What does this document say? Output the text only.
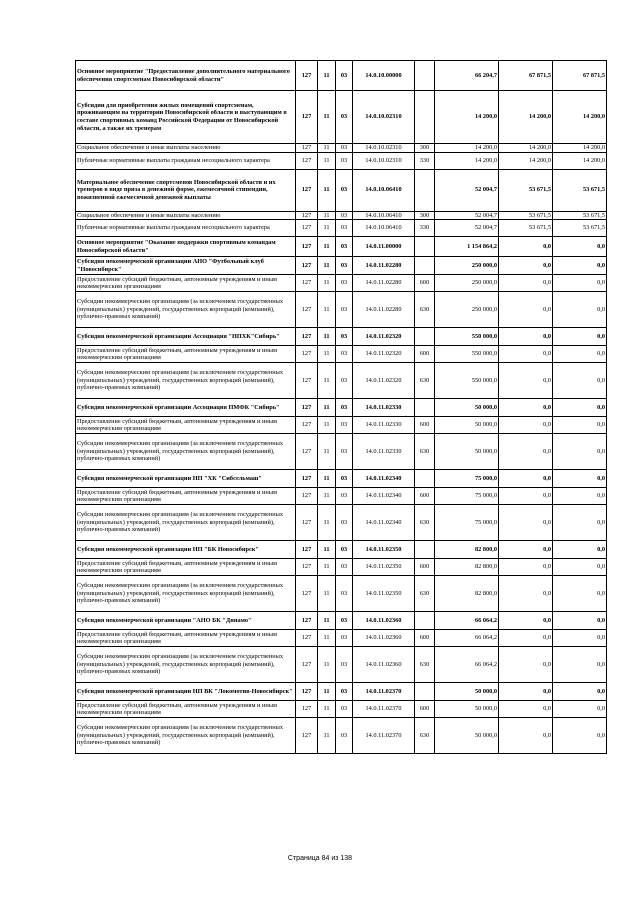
Основное мероприятие "Предоставление дополнительного материального обеспечения спортсменам Новосибирской области"	127	11	03	14.0.10.00000		66 204,7	67 871,5	67 871,5
Субсидии для приобретения жилых помещений спортсменам, проживающим на территории Новосибирской области и выступающим в составе спортивных команд Российской Федерации от Новосибирской области, а также их тренерам	127	11	03	14.0.10.02310		14 200,0	14 200,0	14 200,0
Социальное обеспечение и иные выплаты населению	127	11	03	14.0.10.02310	300	14 200,0	14 200,0	14 200,0
Публичные нормативные выплаты гражданам несоциального характера	127	11	03	14.0.10.02310	330	14 200,0	14 200,0	14 200,0
Материальное обеспечение спортсменов Новосибирской области и их тренеров в виде приза в денежной форме, ежемесячной стипендии, пожизненной ежемесячной денежной выплаты	127	11	03	14.0.10.06410		52 004,7	53 671,5	53 671,5
Социальное обеспечение и иные выплаты населению	127	11	03	14.0.10.06410	300	52 004,7	53 671,5	53 671,5
Публичные нормативные выплаты гражданам несоциального характера	127	11	03	14.0.10.06410	330	52 004,7	53 671,5	53 671,5
Основное мероприятие "Оказание поддержки спортивным командам Новосибирской области"	127	11	03	14.0.11.00000		1 154 864,2	0,0	0,0
Субсидия некоммерческой организации АНО "Футбольный клуб "Новосибирск"	127	11	03	14.0.11.02280		250 000,0	0,0	0,0
Предоставление субсидий бюджетным, автономным учреждениям и иным некоммерческим организациям	127	11	03	14.0.11.02280	600	250 000,0	0,0	0,0
Субсидии некоммерческим организациям (за исключением государственных (муниципальных) учреждений, государственных корпораций (компаний), публично-правовых компаний)	127	11	03	14.0.11.02280	630	250 000,0	0,0	0,0
Субсидия некоммерческой организации Ассоциация "НПХК"Сибирь"	127	11	03	14.0.11.02320		550 000,0	0,0	0,0
Предоставление субсидий бюджетным, автономным учреждениям и иным некоммерческим организациям	127	11	03	14.0.11.02320	600	550 000,0	0,0	0,0
Субсидии некоммерческим организациям (за исключением государственных (муниципальных) учреждений, государственных корпораций (компаний), публично-правовых компаний)	127	11	03	14.0.11.02320	630	550 000,0	0,0	0,0
Субсидия некоммерческой организации Ассоциация ПМФК "Сибирь"	127	11	03	14.0.11.02330		50 000,0	0,0	0,0
Предоставление субсидий бюджетным, автономным учреждениям и иным некоммерческим организациям	127	11	03	14.0.11.02330	600	50 000,0	0,0	0,0
Субсидии некоммерческим организациям (за исключением государственных (муниципальных) учреждений, государственных корпораций (компаний), публично-правовых компаний)	127	11	03	14.0.11.02330	630	50 000,0	0,0	0,0
Субсидия некоммерческой организации НП "ХК "Сибсельмаш"	127	11	03	14.0.11.02340		75 000,0	0,0	0,0
Предоставление субсидий бюджетным, автономным учреждениям и иным некоммерческим организациям	127	11	03	14.0.11.02340	600	75 000,0	0,0	0,0
Субсидии некоммерческим организациям (за исключением государственных (муниципальных) учреждений, государственных корпораций (компаний), публично-правовых компаний)	127	11	03	14.0.11.02340	630	75 000,0	0,0	0,0
Субсидия некоммерческой организации НП "БК Новосибирск"	127	11	03	14.0.11.02350		82 800,0	0,0	0,0
Предоставление субсидий бюджетным, автономным учреждениям и иным некоммерческим организациям	127	11	03	14.0.11.02350	600	82 800,0	0,0	0,0
Субсидии некоммерческим организациям (за исключением государственных (муниципальных) учреждений, государственных корпораций (компаний), публично-правовых компаний)	127	11	03	14.0.11.02350	630	82 800,0	0,0	0,0
Субсидия некоммерческой организации "АНО БК "Динамо"	127	11	03	14.0.11.02360		66 064,2	0,0	0,0
Предоставление субсидий бюджетным, автономным учреждениям и иным некоммерческим организациям	127	11	03	14.0.11.02360	600	66 064,2	0,0	0,0
Субсидии некоммерческим организациям (за исключением государственных (муниципальных) учреждений, государственных корпораций (компаний), публично-правовых компаний)	127	11	03	14.0.11.02360	630	66 064,2	0,0	0,0
Субсидия некоммерческой организации НП ВК "Локомотив-Новосибирск"	127	11	03	14.0.11.02370		50 000,0	0,0	0,0
Предоставление субсидий бюджетным, автономным учреждениям и иным некоммерческим организациям	127	11	03	14.0.11.02370	600	50 000,0	0,0	0,0
Субсидии некоммерческим организациям (за исключением государственных (муниципальных) учреждений, государственных корпораций (компаний), публично-правовых компаний)	127	11	03	14.0.11.02370	630	50 000,0	0,0	0,0
Страница 84 из 138
